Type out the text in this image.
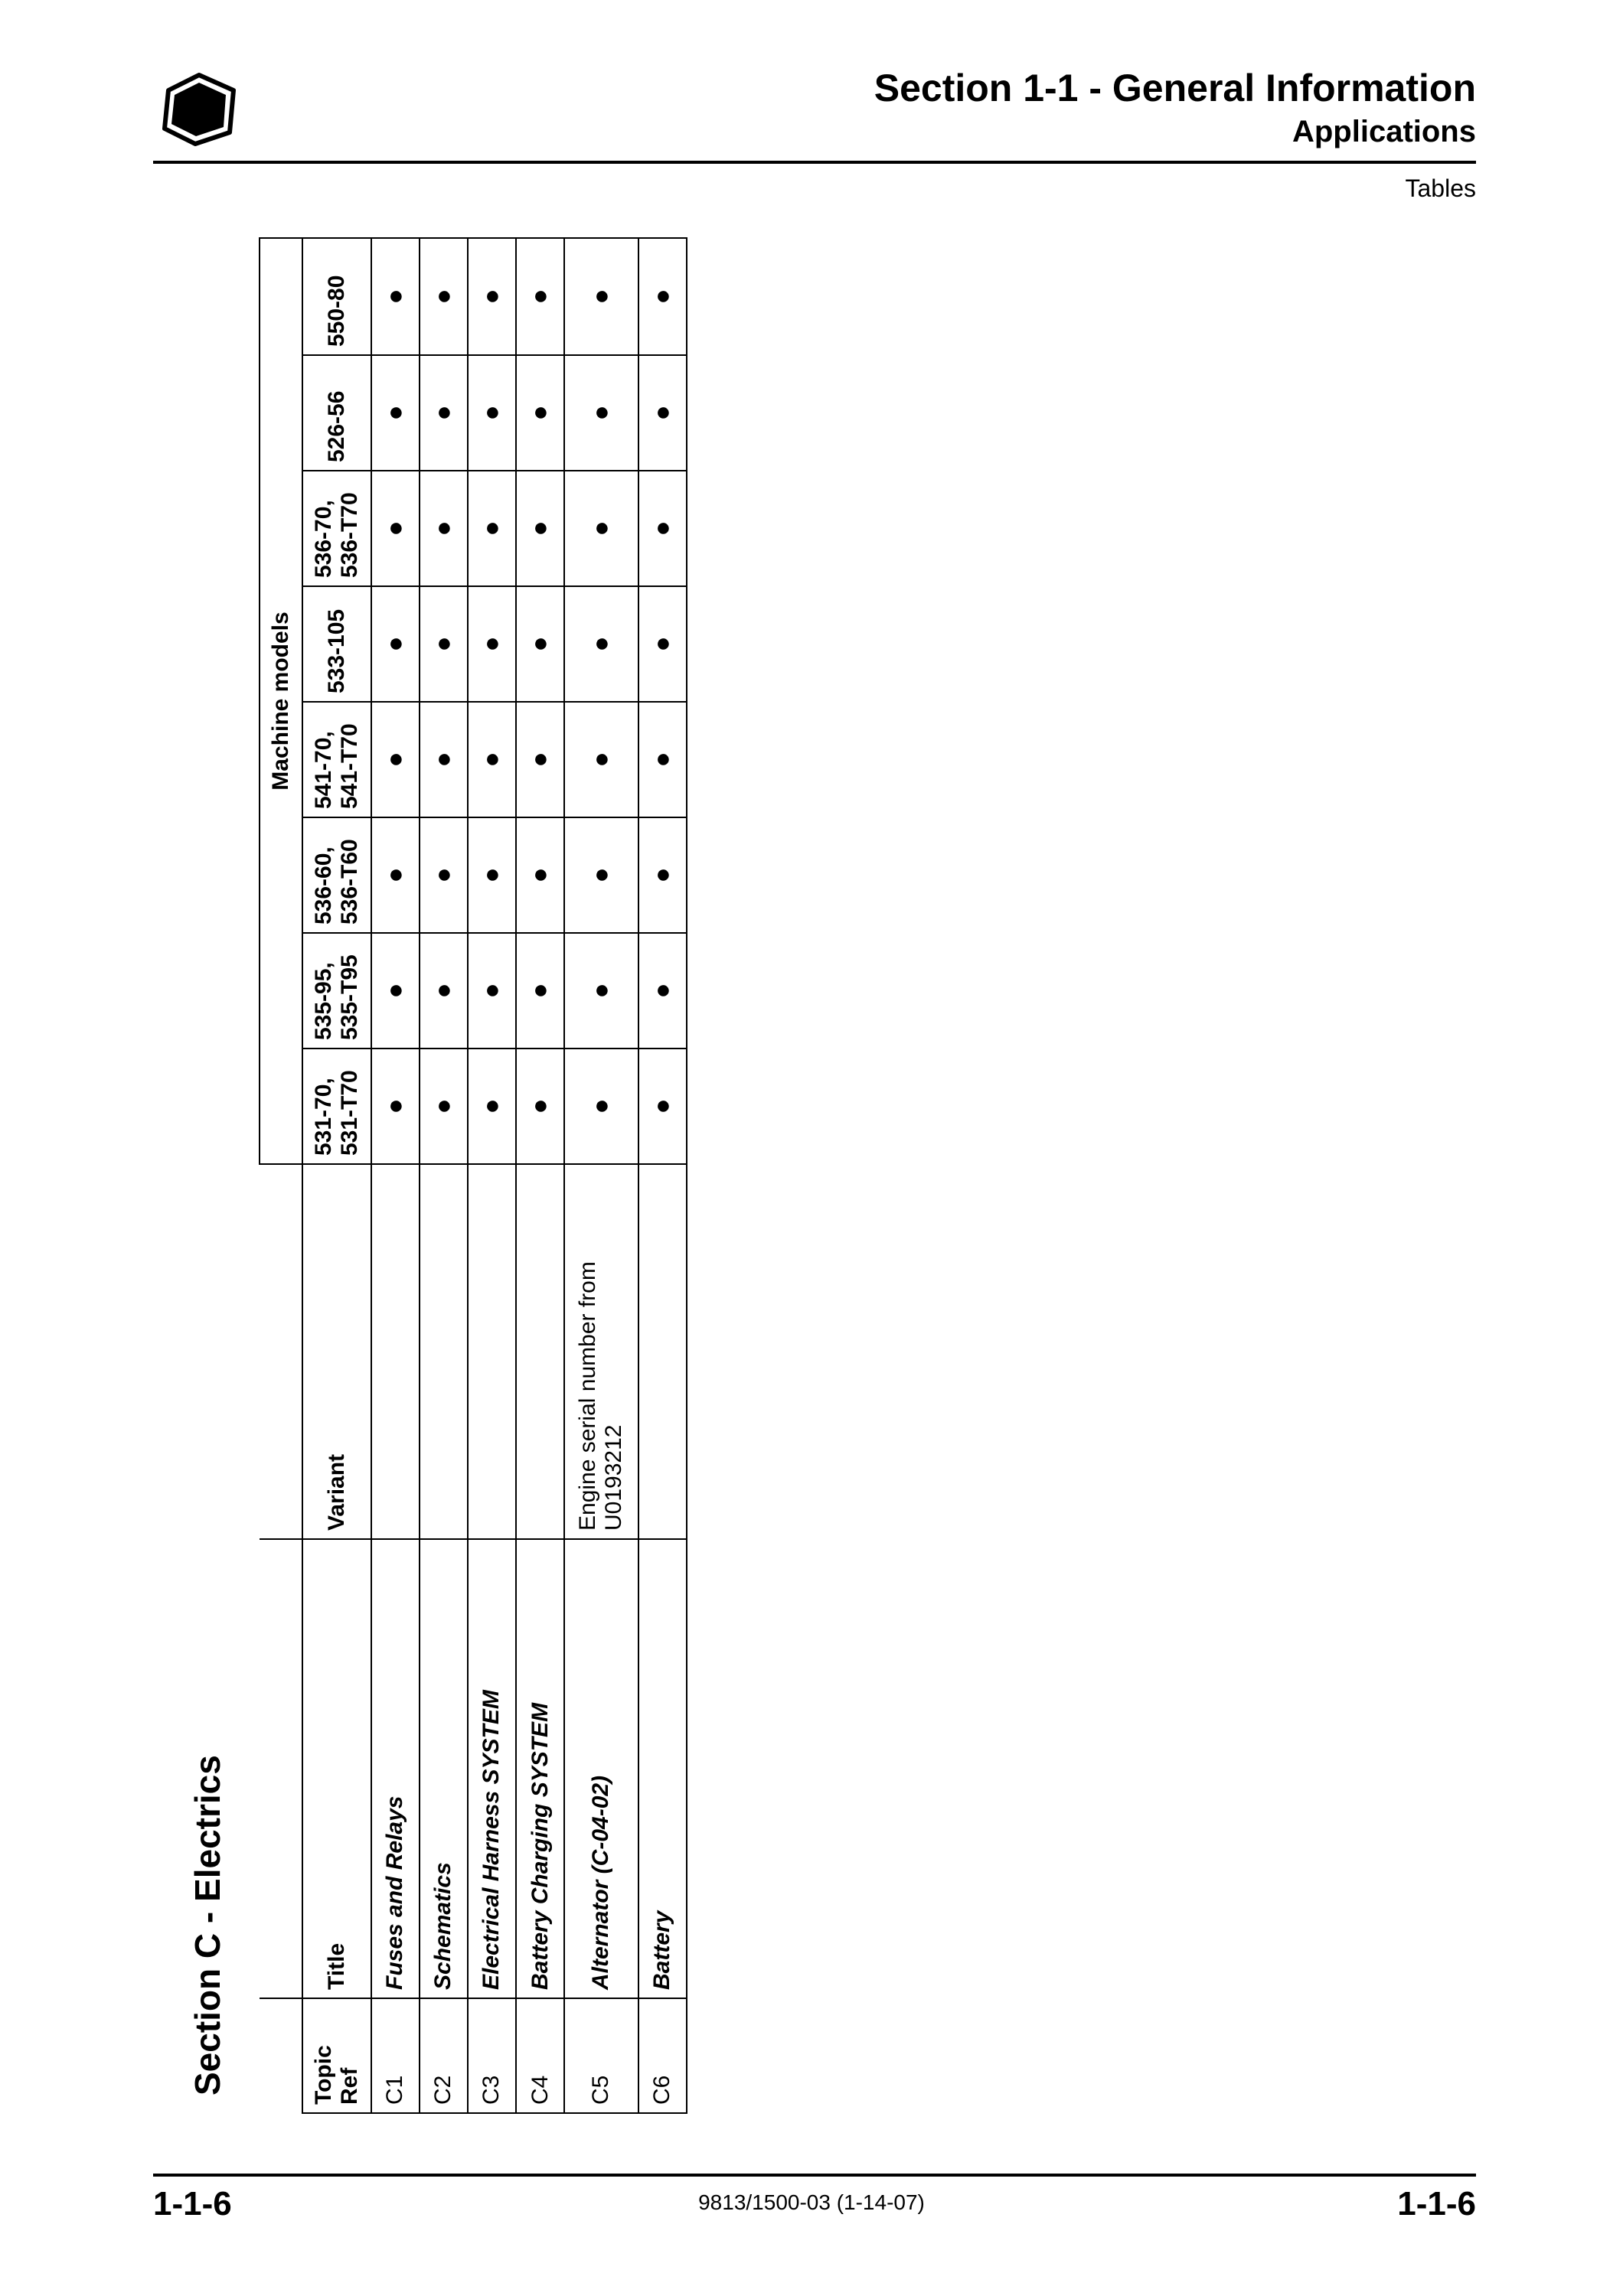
Section 1-1 - General Information
Applications
Tables
Section C - Electrics
			Machine models							
Topic Ref	Title	Variant	531-70, 531-T70	535-95, 535-T95	536-60, 536-T60	541-70, 541-T70	533-105	536-70, 536-T70	526-56	550-80
C1	Fuses and Relays		●	●	●	●	●	●	●	●
C2	Schematics		●	●	●	●	●	●	●	●
C3	Electrical Harness SYSTEM		●	●	●	●	●	●	●	●
C4	Battery Charging SYSTEM		●	●	●	●	●	●	●	●
C5	Alternator (C-04-02)	Engine serial number from U0193212	●	●	●	●	●	●	●	●
C6	Battery		●	●	●	●	●	●	●	●
1-1-6	9813/1500-03 (1-14-07)	1-1-6
